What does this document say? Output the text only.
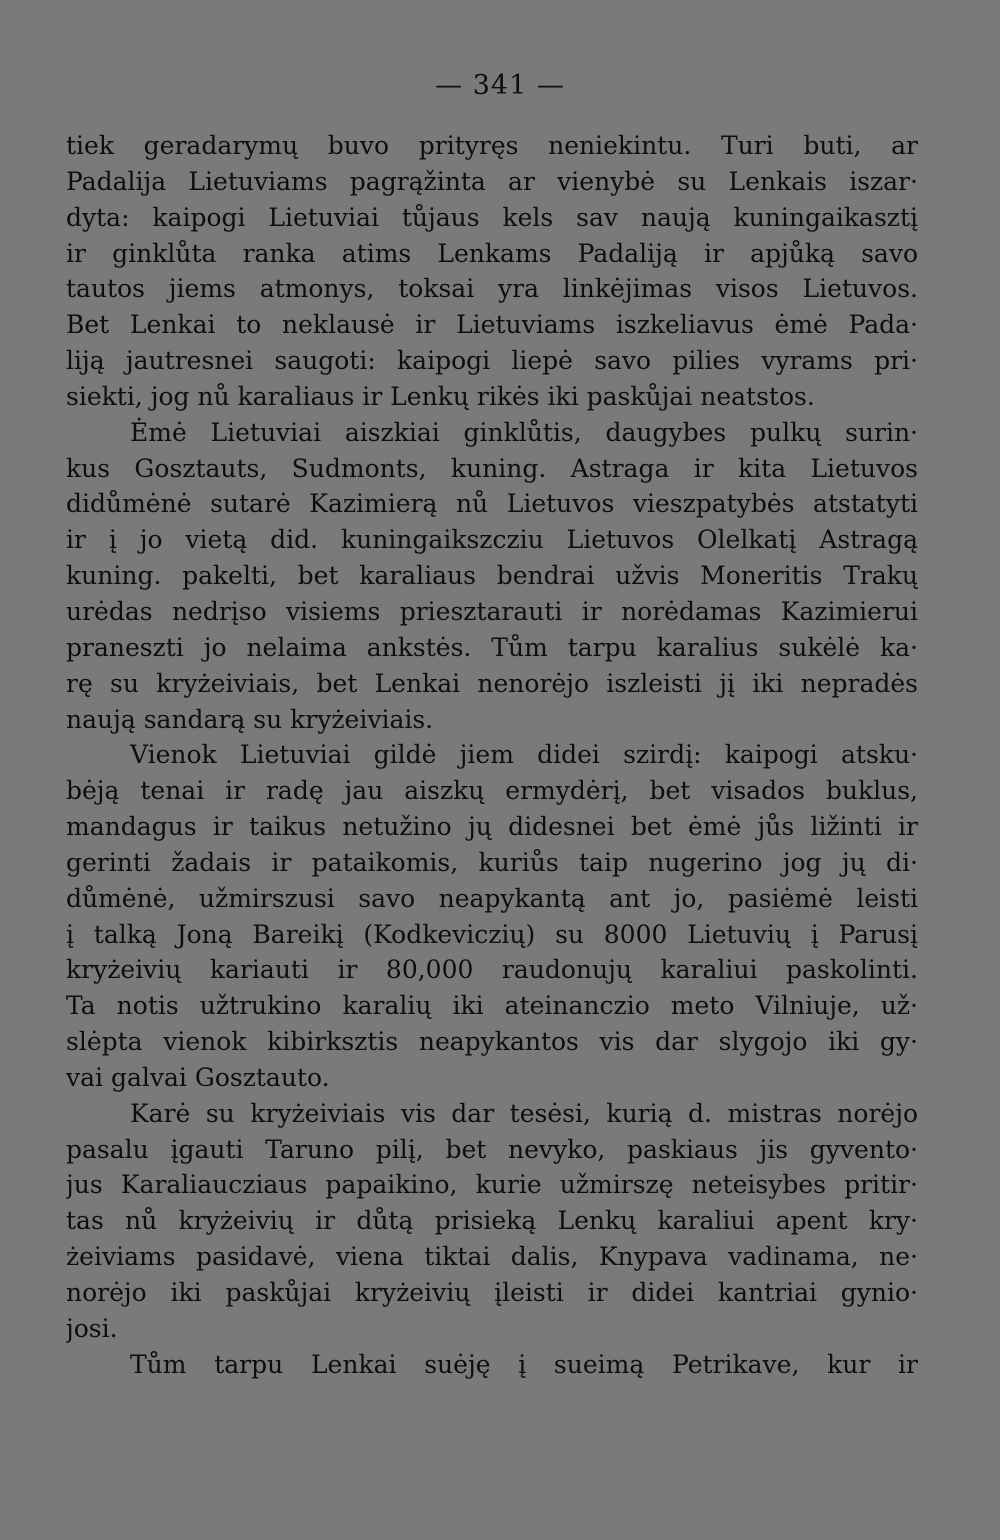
— 341 —
tiek geradarymų buvo prityręs neniekintu. Turi buti, ar
Padalija Lietuviams pagrąžinta ar vienybė su Lenkais iszar·
dyta: kaipogi Lietuviai tůjaus kels sav naują kuningaikasztį
ir ginklůta ranka atims Lenkams Padaliją ir apjůką savo
tautos jiems atmonys, toksai yra linkėjimas visos Lietuvos.
Bet Lenkai to neklausė ir Lietuviams iszkeliavus ėmė Pada·
liją jautresnei saugoti: kaipogi liepė savo pilies vyrams pri·
siekti, jog nů karaliaus ir Lenkų rikės iki paskůjai neatstos.
Ėmė Lietuviai aiszkiai ginklůtis, daugybes pulkų surin·
kus Gosztauts, Sudmonts, kuning. Astraga ir kita Lietuvos
didůmėnė sutarė Kazimierą nů Lietuvos vieszpatybės atstatyti
ir į jo vietą did. kuningaikszcziu Lietuvos Olelkatį Astragą
kuning. pakelti, bet karaliaus bendrai užvis Moneritis Trakų
urėdas nedrįso visiems priesztarauti ir norėdamas Kazimierui
praneszti jo nelaima ankstės. Tům tarpu karalius sukėlė ka·
rę su kryżeiviais, bet Lenkai nenorėjo iszleisti jį iki nepradės
naują sandarą su kryżeiviais.
Vienok Lietuviai gildė jiem didei szirdį: kaipogi atsku·
bėją tenai ir radę jau aiszkų ermydėrį, bet visados buklus,
mandagus ir taikus netužino jų didesnei bet ėmė jůs ližinti ir
gerinti žadais ir pataikomis, kuriůs taip nugerino jog jų di·
důmėnė, užmirszusi savo neapykantą ant jo, pasiėmė leisti
į talką Joną Bareikį (Kodkeviczių) su 8000 Lietuvių į Parusį
kryżeivių kariauti ir 80,000 raudonujų karaliui paskolinti.
Ta notis užtrukino karalių iki ateinanczio meto Vilniuje, už·
slėpta vienok kibirksztis neapykantos vis dar slygojo iki gy·
vai galvai Gosztauto.
Karė su kryżeiviais vis dar tesėsi, kurią d. mistras norėjo
pasalu įgauti Taruno pilį, bet nevyko, paskiaus jis gyvento·
jus Karaliaucziaus papaikino, kurie užmirszę neteisybes pritir·
tas nů kryżeivių ir důtą prisieką Lenkų karaliui apent kry·
żeiviams pasidavė, viena tiktai dalis, Knypava vadinama, ne·
norėjo iki paskůjai kryżeivių įleisti ir didei kantriai gynio·
josi.
Tům tarpu Lenkai suėję į sueimą Petrikave, kur ir
